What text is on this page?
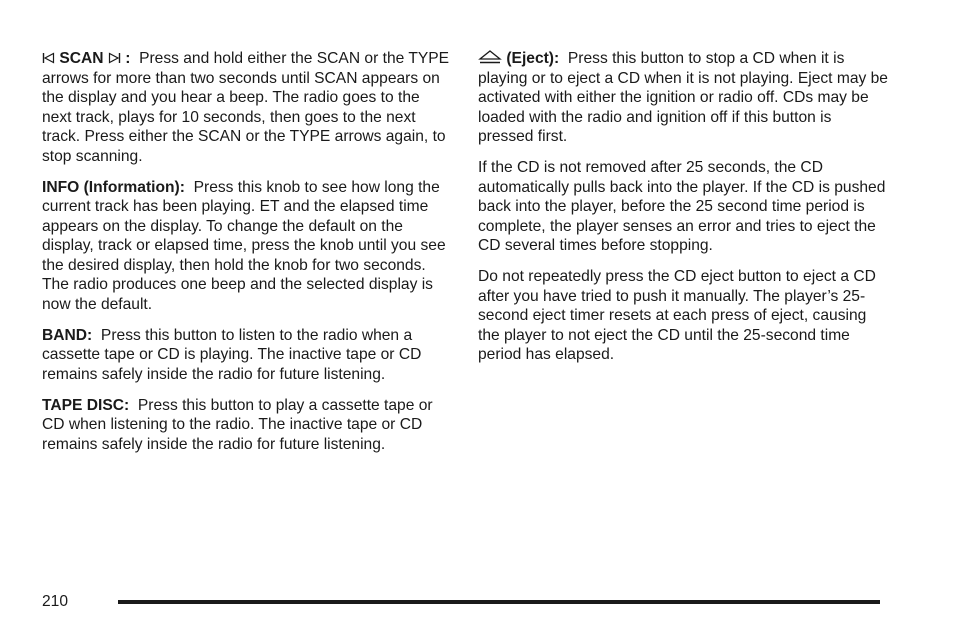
SCAN  : Press and hold either the SCAN or the TYPE arrows for more than two seconds until SCAN appears on the display and you hear a beep. The radio goes to the next track, plays for 10 seconds, then goes to the next track. Press either the SCAN or the TYPE arrows again, to stop scanning.

INFO (Information): Press this knob to see how long the current track has been playing. ET and the elapsed time appears on the display. To change the default on the display, track or elapsed time, press the knob until you see the desired display, then hold the knob for two seconds. The radio produces one beep and the selected display is now the default.

BAND: Press this button to listen to the radio when a cassette tape or CD is playing. The inactive tape or CD remains safely inside the radio for future listening.

TAPE DISC: Press this button to play a cassette tape or CD when listening to the radio. The inactive tape or CD remains safely inside the radio for future listening.

(Eject): Press this button to stop a CD when it is playing or to eject a CD when it is not playing. Eject may be activated with either the ignition or radio off. CDs may be loaded with the radio and ignition off if this button is pressed first.

If the CD is not removed after 25 seconds, the CD automatically pulls back into the player. If the CD is pushed back into the player, before the 25 second time period is complete, the player senses an error and tries to eject the CD several times before stopping.

Do not repeatedly press the CD eject button to eject a CD after you have tried to push it manually. The player’s 25-second eject timer resets at each press of eject, causing the player to not eject the CD until the 25-second time period has elapsed.

210
